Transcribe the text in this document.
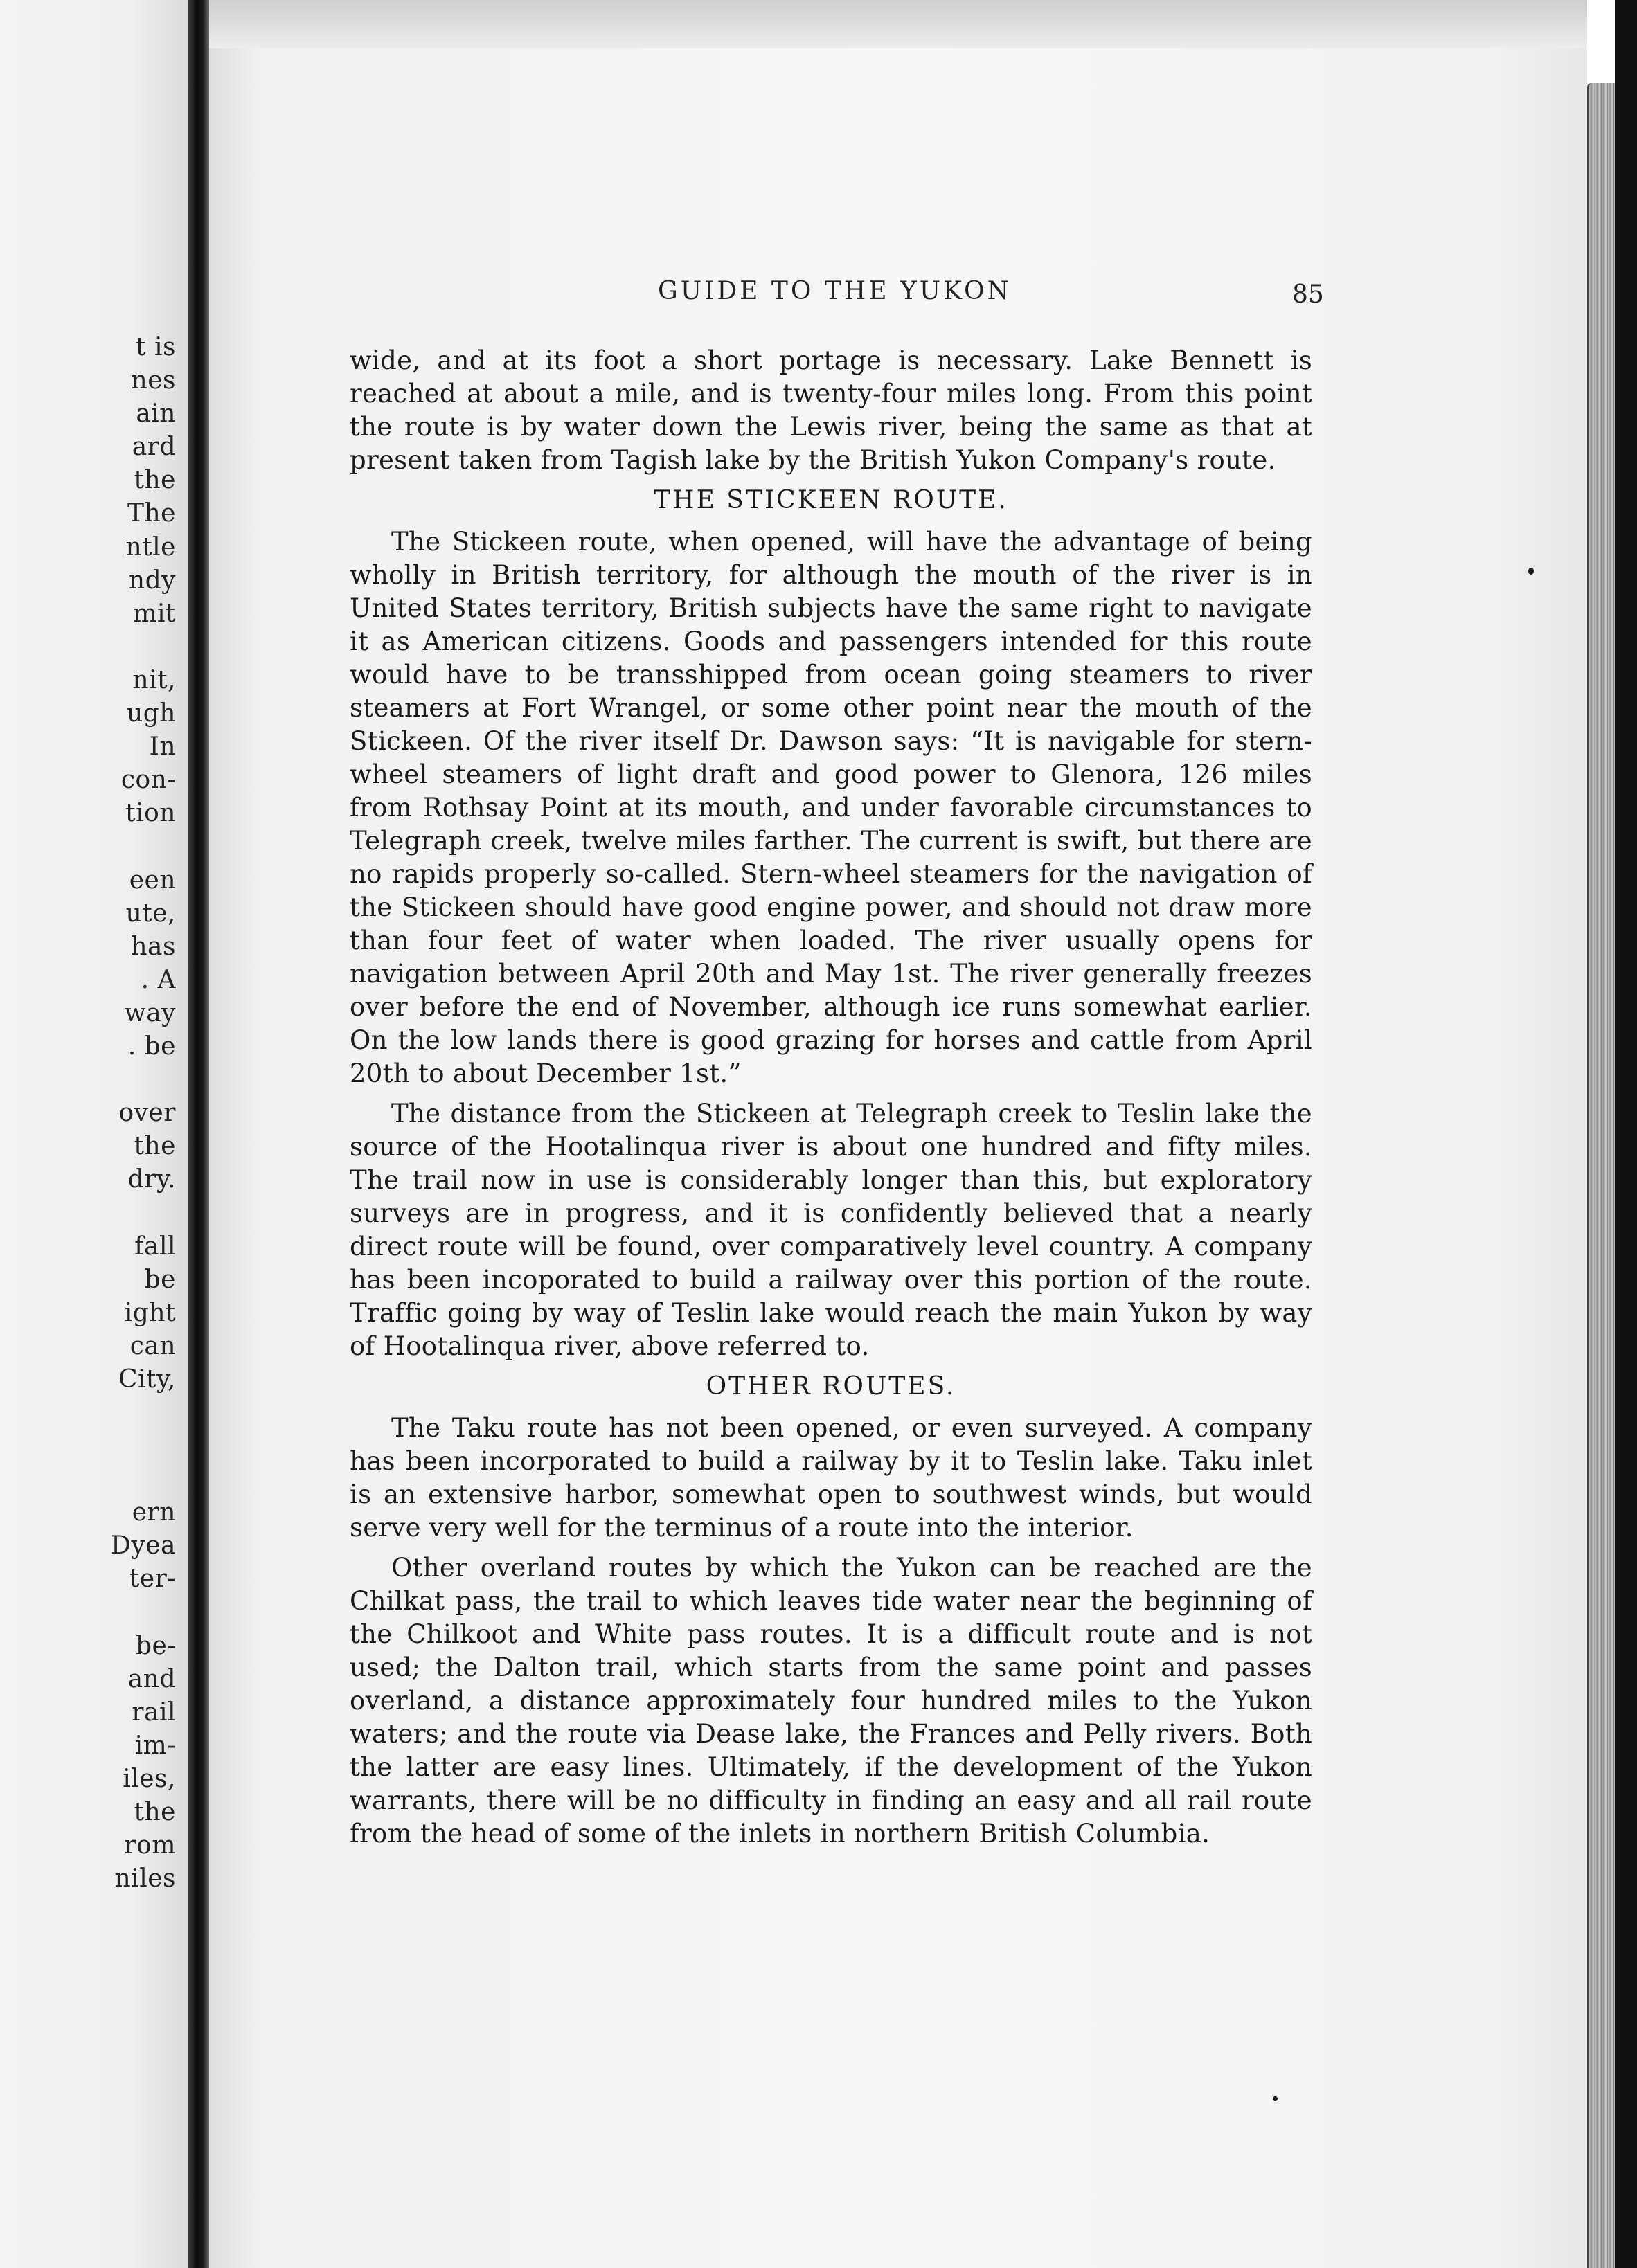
t is
nes
ain
ard
the
The
ntle
ndy
mit
nit,
ugh
In
con-
tion
een
ute,
has
. A
way
. be
over
the
dry.
fall
be
ight
can
City,
ern
Dyea
ter-
be-
and
rail
im-
iles,
the
rom
niles
GUIDE TO THE YUKON	85

wide, and at its foot a short portage is necessary. Lake Bennett is reached at about a mile, and is twenty-four miles long. From this point the route is by water down the Lewis river, being the same as that at present taken from Tagish lake by the British Yukon Company's route.

THE STICKEEN ROUTE.

The Stickeen route, when opened, will have the advantage of being wholly in British territory, for although the mouth of the river is in United States territory, British subjects have the same right to navigate it as American citizens. Goods and passengers intended for this route would have to be transshipped from ocean going steamers to river steamers at Fort Wrangel, or some other point near the mouth of the Stickeen. Of the river itself Dr. Dawson says: “It is navigable for stern-wheel steamers of light draft and good power to Glenora, 126 miles from Rothsay Point at its mouth, and under favorable circumstances to Telegraph creek, twelve miles farther. The current is swift, but there are no rapids properly so-called. Stern-wheel steamers for the navigation of the Stickeen should have good engine power, and should not draw more than four feet of water when loaded. The river usually opens for navigation between April 20th and May 1st. The river generally freezes over before the end of November, although ice runs somewhat earlier. On the low lands there is good grazing for horses and cattle from April 20th to about December 1st.”

The distance from the Stickeen at Telegraph creek to Teslin lake the source of the Hootalinqua river is about one hundred and fifty miles. The trail now in use is considerably longer than this, but exploratory surveys are in progress, and it is confidently believed that a nearly direct route will be found, over comparatively level country. A company has been incoporated to build a railway over this portion of the route. Traffic going by way of Teslin lake would reach the main Yukon by way of Hootalinqua river, above referred to.

OTHER ROUTES.

The Taku route has not been opened, or even surveyed. A company has been incorporated to build a railway by it to Teslin lake. Taku inlet is an extensive harbor, somewhat open to southwest winds, but would serve very well for the terminus of a route into the interior.

Other overland routes by which the Yukon can be reached are the Chilkat pass, the trail to which leaves tide water near the beginning of the Chilkoot and White pass routes. It is a difficult route and is not used; the Dalton trail, which starts from the same point and passes overland, a distance approximately four hundred miles to the Yukon waters; and the route via Dease lake, the Frances and Pelly rivers. Both the latter are easy lines. Ultimately, if the development of the Yukon warrants, there will be no difficulty in finding an easy and all rail route from the head of some of the inlets in northern British Columbia.
